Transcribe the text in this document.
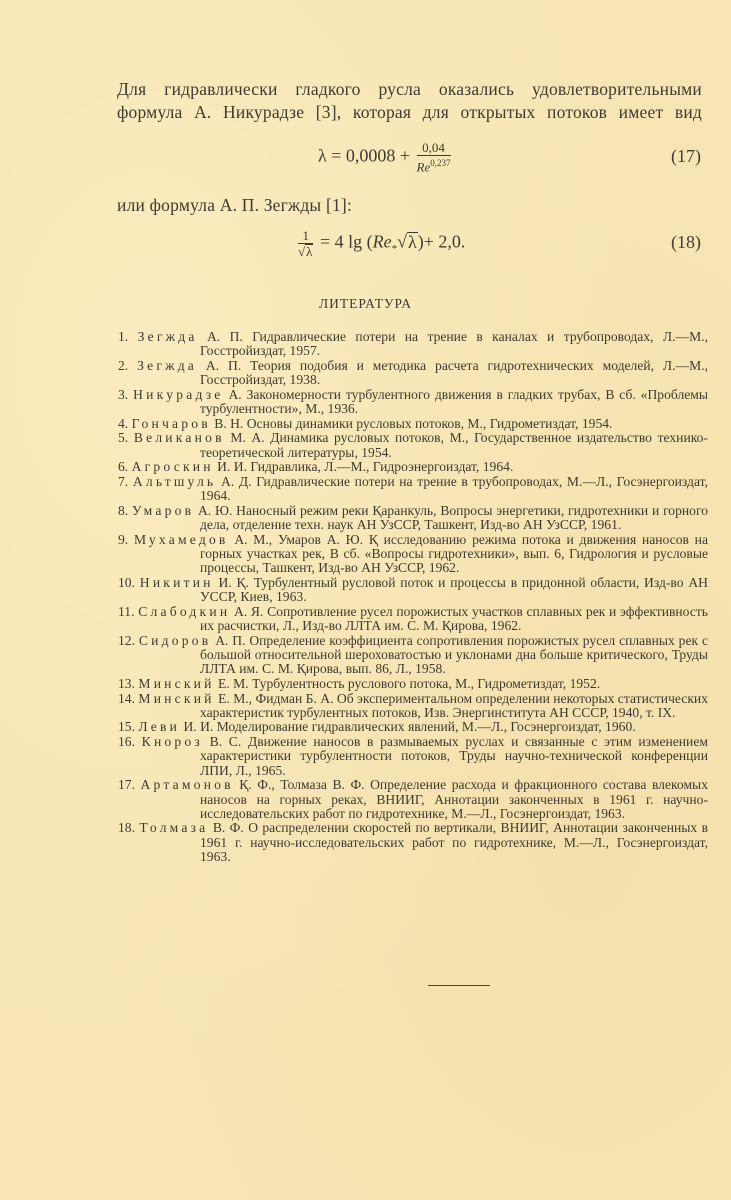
Для гидравлически гладкого русла оказались удовлетворительными формула А. Никурадзе [3], которая для открытых потоков имеет вид

$\lambda = 0,0008 + \frac{0,04}{Re^{0,237}}$	(17)

или формула А. П. Зегжды [1]:

$\frac{1}{√\lambda} = 4$ $\lg (Re_*√\lambda)+ 2,0$.	(18)
ЛИТЕРАТУРА
1. Зегжда А. П. Гидравлические потери на трение в каналах и трубопроводах, Л.—М., Госстройиздат, 1957.
2. Зегжда А. П. Теория подобия и методика расчета гидротехнических моделей, Л.—М., Госстройиздат, 1938.
3. Никурадзе А. Закономерности турбулентного движения в гладких трубах, В сб. «Проблемы турбулентности», М., 1936.
4. Гончаров В. Н. Основы динамики русловых потоков, М., Гидрометиздат, 1954.
5. Великанов М. А. Динамика русловых потоков, М., Государственное издательство технико-теоретической литературы, 1954.
6. Агроскин И. И. Гидравлика, Л.—М., Гидроэнергоиздат, 1964.
7. Альтшуль А. Д. Гидравлические потери на трение в трубопроводах, М.—Л., Госэнергоиздат, 1964.
8. Умаров А. Ю. Наносный режим реки Қаранкуль, Вопросы энергетики, гидротехники и горного дела, отделение техн. наук АН УзССР, Ташкент, Изд-во АН УзССР, 1961.
9. Мухамедов А. М., Умаров А. Ю. Қ исследованию режима потока и движения наносов на горных участках рек, В сб. «Вопросы гидротехники», вып. 6, Гидрология и русловые процессы, Ташкент, Изд-во АН УзССР, 1962.
10. Никитин И. Қ. Турбулентный русловой поток и процессы в придонной области, Изд-во АН УССР, Киев, 1963.
11. Слабодкин А. Я. Сопротивление русел порожистых участков сплавных рек и эффективность их расчистки, Л., Изд-во ЛЛТА им. С. М. Қирова, 1962.
12. Сидоров А. П. Определение коэффициента сопротивления порожистых русел сплавных рек с большой относительной шероховатостью и уклонами дна больше критического, Труды ЛЛТА им. С. М. Қирова, вып. 86, Л., 1958.
13. Минский Е. М. Турбулентность руслового потока, М., Гидрометиздат, 1952.
14. Минский Е. М., Фидман Б. А. Об экспериментальном определении некоторых статистических характеристик турбулентных потоков, Изв. Энергинститута АН СССР, 1940, т. IX.
15. Леви И. И. Моделирование гидравлических явлений, М.—Л., Госэнергоиздат, 1960.
16. Кнороз В. С. Движение наносов в размываемых руслах и связанные с этим изменением характеристики турбулентности потоков, Труды научно-технической конференции ЛПИ, Л., 1965.
17. Артамонов Қ. Ф., Толмаза В. Ф. Определение расхода и фракционного состава влекомых наносов на горных реках, ВНИИГ, Аннотации законченных в 1961 г. научно-исследовательских работ по гидротехнике, М.—Л., Госэнергоиздат, 1963.
18. Толмаза В. Ф. О распределении скоростей по вертикали, ВНИИГ, Аннотации законченных в 1961 г. научно-исследовательских работ по гидротехнике, М.—Л., Госэнергоиздат, 1963.
